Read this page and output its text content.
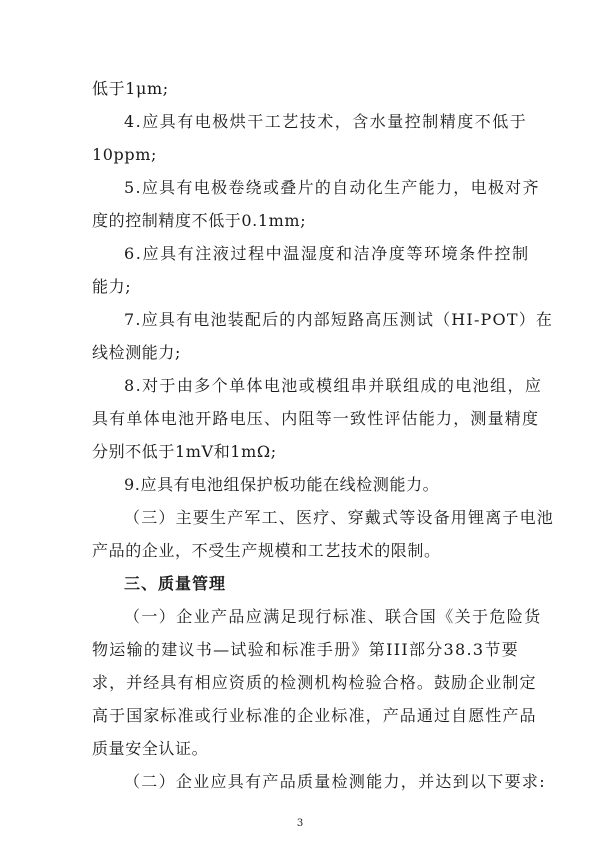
低于1μm;
4.应具有电极烘干工艺技术，含水量控制精度不低于
10ppm;
5.应具有电极卷绕或叠片的自动化生产能力，电极对齐
度的控制精度不低于0.1mm;
6.应具有注液过程中温湿度和洁净度等环境条件控制
能力;
7.应具有电池装配后的内部短路高压测试（HI-POT）在
线检测能力;
8.对于由多个单体电池或模组串并联组成的电池组，应
具有单体电池开路电压、内阻等一致性评估能力，测量精度
分别不低于1mV和1mΩ;
9.应具有电池组保护板功能在线检测能力。
（三）主要生产军工、医疗、穿戴式等设备用锂离子电池
产品的企业，不受生产规模和工艺技术的限制。
三、质量管理
（一）企业产品应满足现行标准、联合国《关于危险货
物运输的建议书—试验和标准手册》第III部分38.3节要
求，并经具有相应资质的检测机构检验合格。鼓励企业制定
高于国家标准或行业标准的企业标准，产品通过自愿性产品
质量安全认证。
（二）企业应具有产品质量检测能力，并达到以下要求:
3
